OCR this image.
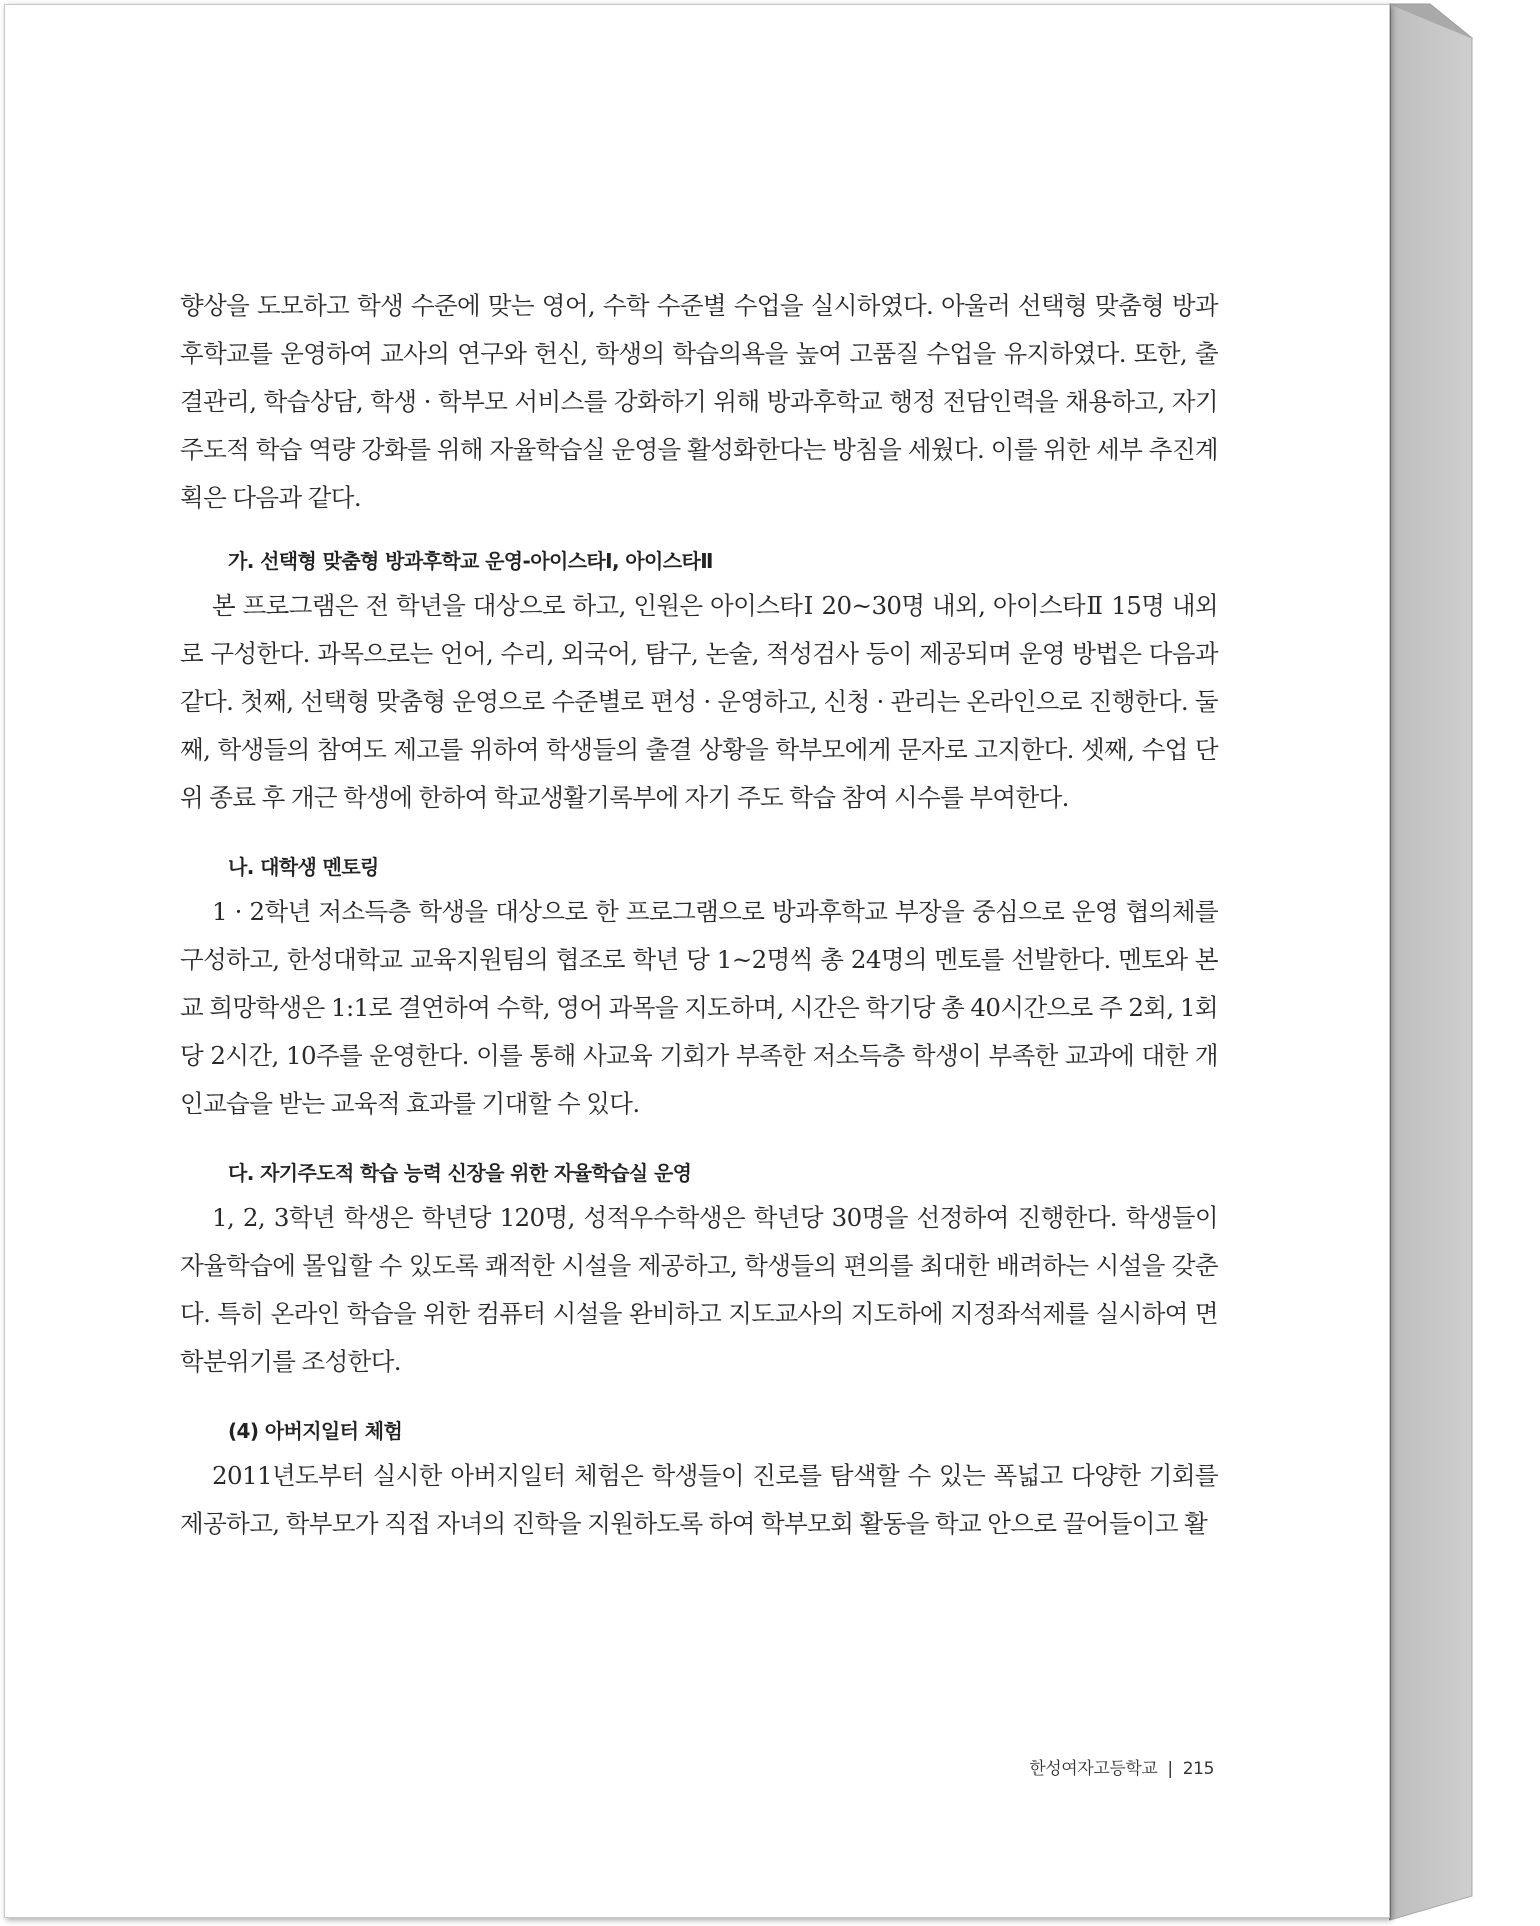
향상을 도모하고 학생 수준에 맞는 영어, 수학 수준별 수업을 실시하였다. 아울러 선택형 맞춤형 방과후학교를 운영하여 교사의 연구와 헌신, 학생의 학습의욕을 높여 고품질 수업을 유지하였다. 또한, 출결관리, 학습상담, 학생 · 학부모 서비스를 강화하기 위해 방과후학교 행정 전담인력을 채용하고, 자기주도적 학습 역량 강화를 위해 자율학습실 운영을 활성화한다는 방침을 세웠다. 이를 위한 세부 추진계획은 다음과 같다.

가. 선택형 맞춤형 방과후학교 운영-아이스타Ⅰ, 아이스타Ⅱ

본 프로그램은 전 학년을 대상으로 하고, 인원은 아이스타Ⅰ 20~30명 내외, 아이스타Ⅱ 15명 내외로 구성한다. 과목으로는 언어, 수리, 외국어, 탐구, 논술, 적성검사 등이 제공되며 운영 방법은 다음과 같다. 첫째, 선택형 맞춤형 운영으로 수준별로 편성 · 운영하고, 신청 · 관리는 온라인으로 진행한다. 둘째, 학생들의 참여도 제고를 위하여 학생들의 출결 상황을 학부모에게 문자로 고지한다. 셋째, 수업 단위 종료 후 개근 학생에 한하여 학교생활기록부에 자기 주도 학습 참여 시수를 부여한다.

나. 대학생 멘토링

1 · 2학년 저소득층 학생을 대상으로 한 프로그램으로 방과후학교 부장을 중심으로 운영 협의체를 구성하고, 한성대학교 교육지원팀의 협조로 학년 당 1~2명씩 총 24명의 멘토를 선발한다. 멘토와 본교 희망학생은 1:1로 결연하여 수학, 영어 과목을 지도하며, 시간은 학기당 총 40시간으로 주 2회, 1회당 2시간, 10주를 운영한다. 이를 통해 사교육 기회가 부족한 저소득층 학생이 부족한 교과에 대한 개인교습을 받는 교육적 효과를 기대할 수 있다.

다. 자기주도적 학습 능력 신장을 위한 자율학습실 운영

1, 2, 3학년 학생은 학년당 120명, 성적우수학생은 학년당 30명을 선정하여 진행한다. 학생들이 자율학습에 몰입할 수 있도록 쾌적한 시설을 제공하고, 학생들의 편의를 최대한 배려하는 시설을 갖춘다. 특히 온라인 학습을 위한 컴퓨터 시설을 완비하고 지도교사의 지도하에 지정좌석제를 실시하여 면학분위기를 조성한다.

(4) 아버지일터 체험

2011년도부터 실시한 아버지일터 체험은 학생들이 진로를 탐색할 수 있는 폭넓고 다양한 기회를 제공하고, 학부모가 직접 자녀의 진학을 지원하도록 하여 학부모회 활동을 학교 안으로 끌어들이고 활

한성여자고등학교 | 215
